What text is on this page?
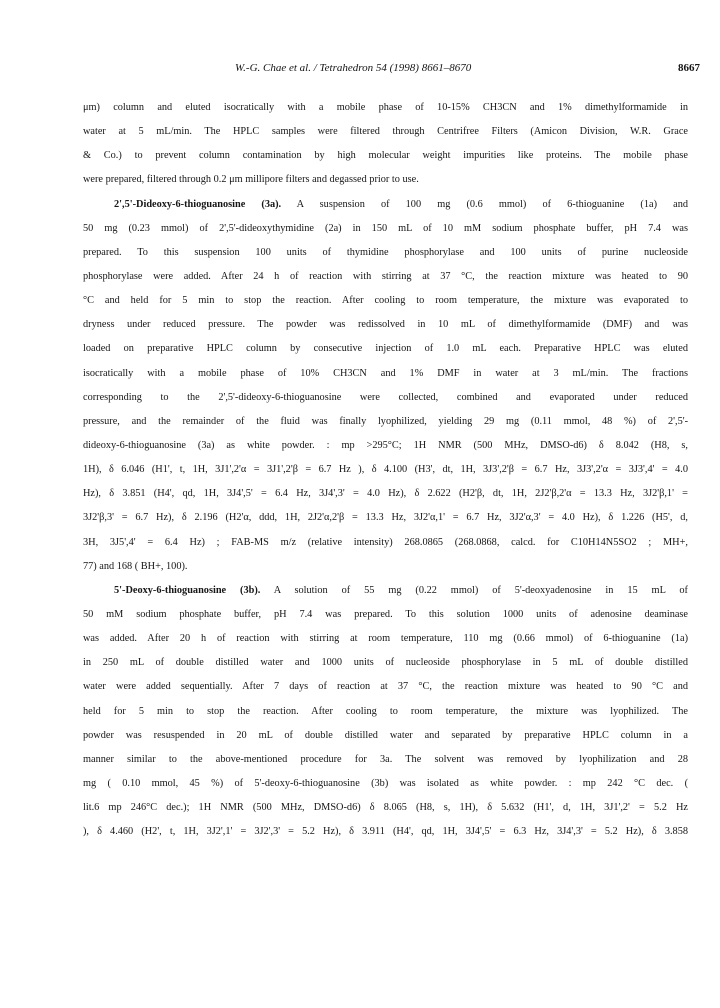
W.-G. Chae et al. / Tetrahedron 54 (1998) 8661–8670	8667
μm) column and eluted isocratically with a mobile phase of 10-15% CH3CN and 1% dimethylformamide in
water at 5 mL/min. The HPLC samples were filtered through Centrifree Filters (Amicon Division, W.R. Grace
& Co.) to prevent column contamination by high molecular weight impurities like proteins. The mobile phase
were prepared, filtered through 0.2 μm millipore filters and degassed prior to use.
2',5'-Dideoxy-6-thioguanosine (3a). A suspension of 100 mg (0.6 mmol) of 6-thioguanine (1a) and
50 mg (0.23 mmol) of 2',5'-dideoxythymidine (2a) in 150 mL of 10 mM sodium phosphate buffer, pH 7.4 was
prepared. To this suspension 100 units of thymidine phosphorylase and 100 units of purine nucleoside
phosphorylase were added. After 24 h of reaction with stirring at 37 °C, the reaction mixture was heated to 90
°C and held for 5 min to stop the reaction. After cooling to room temperature, the mixture was evaporated to
dryness under reduced pressure. The powder was redissolved in 10 mL of dimethylformamide (DMF) and was
loaded on preparative HPLC column by consecutive injection of 1.0 mL each. Preparative HPLC was eluted
isocratically with a mobile phase of 10% CH3CN and 1% DMF in water at 3 mL/min. The fractions
corresponding to the 2',5'-dideoxy-6-thioguanosine were collected, combined and evaporated under reduced
pressure, and the remainder of the fluid was finally lyophilized, yielding 29 mg (0.11 mmol, 48 %) of 2',5'-
dideoxy-6-thioguanosine (3a) as white powder. : mp >295°C; 1H NMR (500 MHz, DMSO-d6) δ 8.042 (H8, s,
1H), δ 6.046 (H1', t, 1H, 3J1',2'α = 3J1',2'β = 6.7 Hz ), δ 4.100 (H3', dt, 1H, 3J3',2'β = 6.7 Hz, 3J3',2'α = 3J3',4' = 4.0
Hz), δ 3.851 (H4', qd, 1H, 3J4',5' = 6.4 Hz, 3J4',3' = 4.0 Hz), δ 2.622 (H2'β, dt, 1H, 2J2'β,2'α = 13.3 Hz, 3J2'β,1' =
3J2'β,3' = 6.7 Hz), δ 2.196 (H2'α, ddd, 1H, 2J2'α,2'β = 13.3 Hz, 3J2'α,1' = 6.7 Hz, 3J2'α,3' = 4.0 Hz), δ 1.226 (H5', d,
3H, 3J5',4' = 6.4 Hz) ; FAB-MS m/z (relative intensity) 268.0865 (268.0868, calcd. for C10H14N5SO2 ; MH+,
77) and 168 ( BH+, 100).
5'-Deoxy-6-thioguanosine (3b). A solution of 55 mg (0.22 mmol) of 5'-deoxyadenosine in 15 mL of
50 mM sodium phosphate buffer, pH 7.4 was prepared. To this solution 1000 units of adenosine deaminase
was added. After 20 h of reaction with stirring at room temperature, 110 mg (0.66 mmol) of 6-thioguanine (1a)
in 250 mL of double distilled water and 1000 units of nucleoside phosphorylase in 5 mL of double distilled
water were added sequentially. After 7 days of reaction at 37 °C, the reaction mixture was heated to 90 °C and
held for 5 min to stop the reaction. After cooling to room temperature, the mixture was lyophilized. The
powder was resuspended in 20 mL of double distilled water and separated by preparative HPLC column in a
manner similar to the above-mentioned procedure for 3a. The solvent was removed by lyophilization and 28
mg ( 0.10 mmol, 45 %) of 5'-deoxy-6-thioguanosine (3b) was isolated as white powder. : mp 242 °C dec. (
lit.6 mp 246°C dec.); 1H NMR (500 MHz, DMSO-d6) δ 8.065 (H8, s, 1H), δ 5.632 (H1', d, 1H, 3J1',2' = 5.2 Hz
), δ 4.460 (H2', t, 1H, 3J2',1' = 3J2',3' = 5.2 Hz), δ 3.911 (H4', qd, 1H, 3J4',5' = 6.3 Hz, 3J4',3' = 5.2 Hz), δ 3.858
